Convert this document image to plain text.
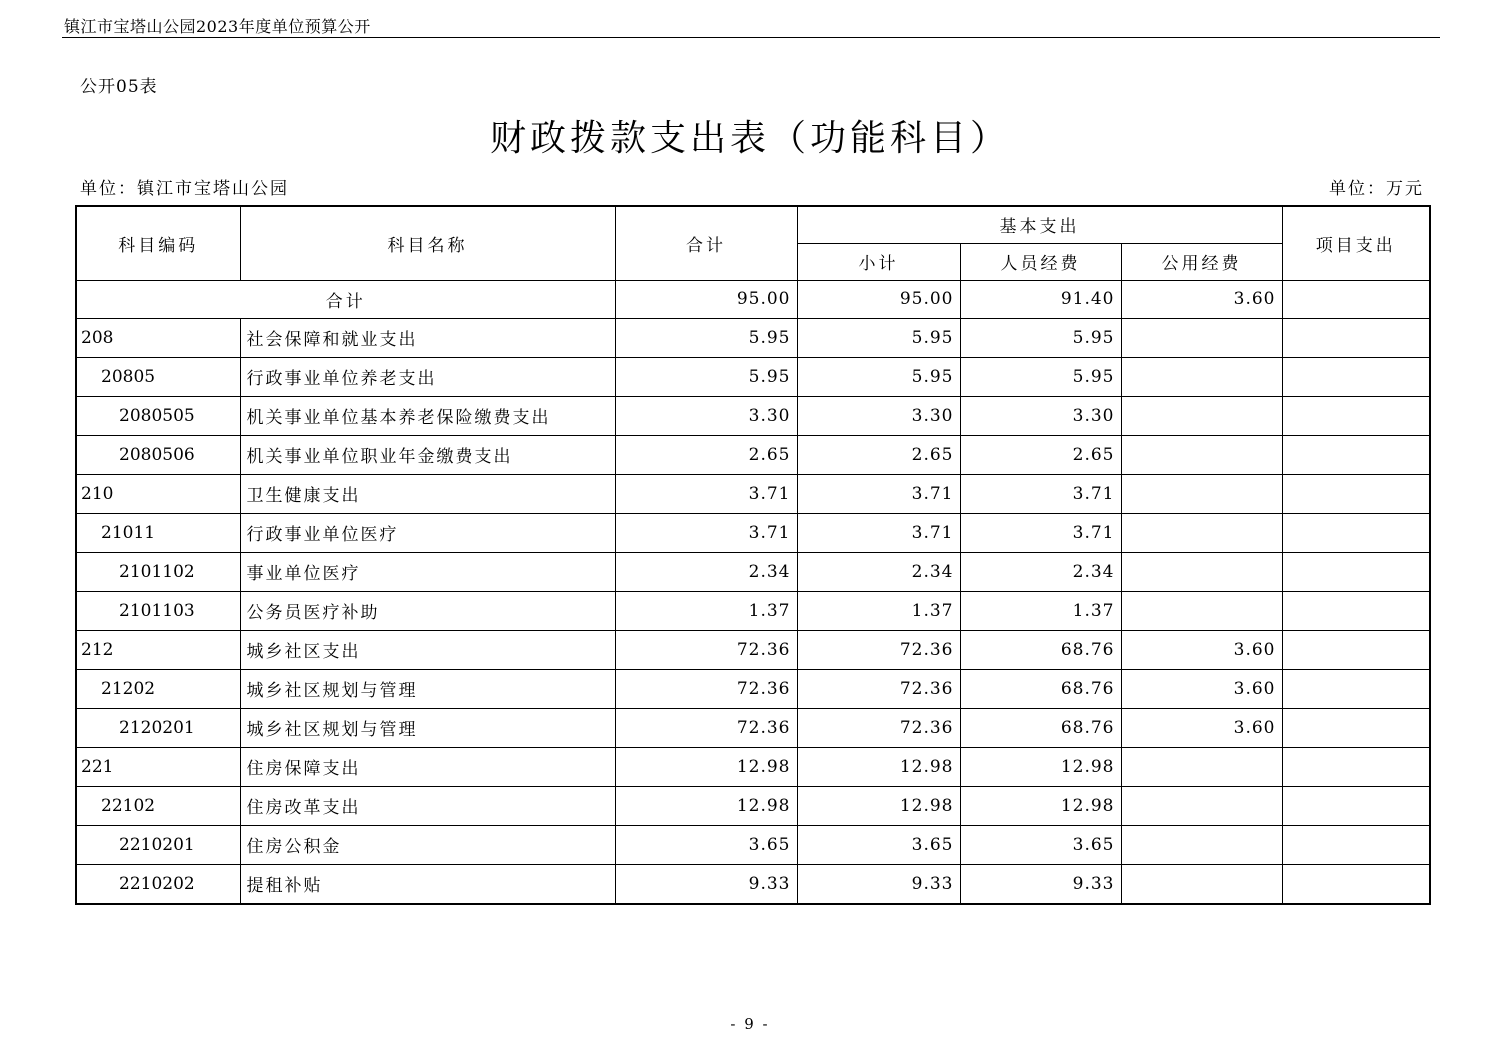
镇江市宝塔山公园2023年度单位预算公开
公开05表
财政拨款支出表（功能科目）
单位：镇江市宝塔山公园	单位：万元
科目编码	科目名称	合计	基本支出			项目支出
			小计	人员经费	公用经费	
合计		95.00	95.00	91.40	3.60	
208	社会保障和就业支出	5.95	5.95	5.95		
20805	行政事业单位养老支出	5.95	5.95	5.95		
2080505	机关事业单位基本养老保险缴费支出	3.30	3.30	3.30		
2080506	机关事业单位职业年金缴费支出	2.65	2.65	2.65		
210	卫生健康支出	3.71	3.71	3.71		
21011	行政事业单位医疗	3.71	3.71	3.71		
2101102	事业单位医疗	2.34	2.34	2.34		
2101103	公务员医疗补助	1.37	1.37	1.37		
212	城乡社区支出	72.36	72.36	68.76	3.60	
21202	城乡社区规划与管理	72.36	72.36	68.76	3.60	
2120201	城乡社区规划与管理	72.36	72.36	68.76	3.60	
221	住房保障支出	12.98	12.98	12.98		
22102	住房改革支出	12.98	12.98	12.98		
2210201	住房公积金	3.65	3.65	3.65		
2210202	提租补贴	9.33	9.33	9.33		
- 9 -
